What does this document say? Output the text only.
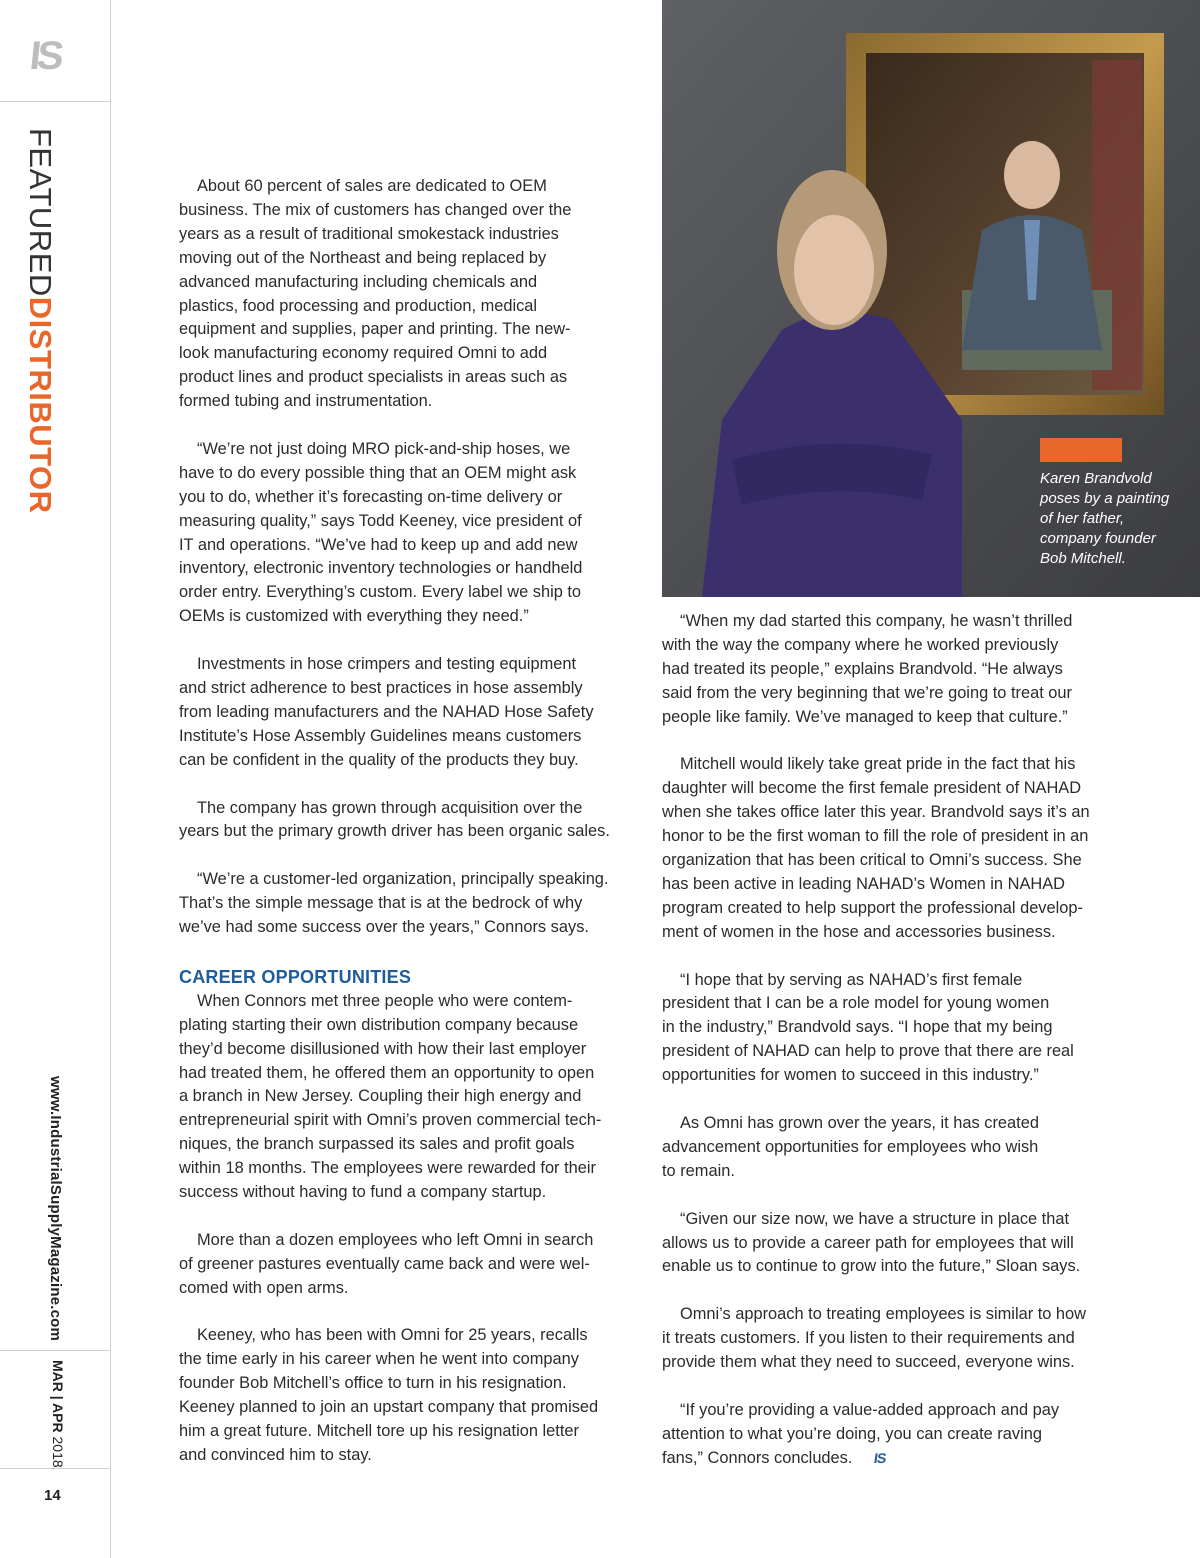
IS
FEATUREDDISTRIBUTOR
www.IndustrialSupplyMagazine.com
MAR | APR 2018
14

About 60 percent of sales are dedicated to OEM
business. The mix of customers has changed over the
years as a result of traditional smokestack industries
moving out of the Northeast and being replaced by
advanced manufacturing including chemicals and
plastics, food processing and production, medical
equipment and supplies, paper and printing. The new-
look manufacturing economy required Omni to add
product lines and product specialists in areas such as
formed tubing and instrumentation.

“We’re not just doing MRO pick-and-ship hoses, we
have to do every possible thing that an OEM might ask
you to do, whether it’s forecasting on-time delivery or
measuring quality,” says Todd Keeney, vice president of
IT and operations. “We’ve had to keep up and add new
inventory, electronic inventory technologies or handheld
order entry. Everything’s custom. Every label we ship to
OEMs is customized with everything they need.”

Investments in hose crimpers and testing equipment
and strict adherence to best practices in hose assembly
from leading manufacturers and the NAHAD Hose Safety
Institute’s Hose Assembly Guidelines means customers
can be confident in the quality of the products they buy.

The company has grown through acquisition over the
years but the primary growth driver has been organic sales.

“We’re a customer-led organization, principally speaking.
That’s the simple message that is at the bedrock of why
we’ve had some success over the years,” Connors says.

CAREER OPPORTUNITIES

When Connors met three people who were contem-
plating starting their own distribution company because
they’d become disillusioned with how their last employer
had treated them, he offered them an opportunity to open
a branch in New Jersey. Coupling their high energy and
entrepreneurial spirit with Omni’s proven commercial tech-
niques, the branch surpassed its sales and profit goals
within 18 months. The employees were rewarded for their
success without having to fund a company startup.

More than a dozen employees who left Omni in search
of greener pastures eventually came back and were wel-
comed with open arms.

Keeney, who has been with Omni for 25 years, recalls
the time early in his career when he went into company
founder Bob Mitchell’s office to turn in his resignation.
Keeney planned to join an upstart company that promised
him a great future. Mitchell tore up his resignation letter
and convinced him to stay.

Karen Brandvold
poses by a painting
of her father,
company founder
Bob Mitchell.

“When my dad started this company, he wasn’t thrilled
with the way the company where he worked previously
had treated its people,” explains Brandvold. “He always
said from the very beginning that we’re going to treat our
people like family. We’ve managed to keep that culture.”

Mitchell would likely take great pride in the fact that his
daughter will become the first female president of NAHAD
when she takes office later this year. Brandvold says it’s an
honor to be the first woman to fill the role of president in an
organization that has been critical to Omni’s success. She
has been active in leading NAHAD’s Women in NAHAD
program created to help support the professional develop-
ment of women in the hose and accessories business.

“I hope that by serving as NAHAD’s first female
president that I can be a role model for young women
in the industry,” Brandvold says. “I hope that my being
president of NAHAD can help to prove that there are real
opportunities for women to succeed in this industry.”

As Omni has grown over the years, it has created
advancement opportunities for employees who wish
to remain.

“Given our size now, we have a structure in place that
allows us to provide a career path for employees that will
enable us to continue to grow into the future,” Sloan says.

Omni’s approach to treating employees is similar to how
it treats customers. If you listen to their requirements and
provide them what they need to succeed, everyone wins.

“If you’re providing a value-added approach and pay
attention to what you’re doing, you can create raving
fans,” Connors concludes. IS
